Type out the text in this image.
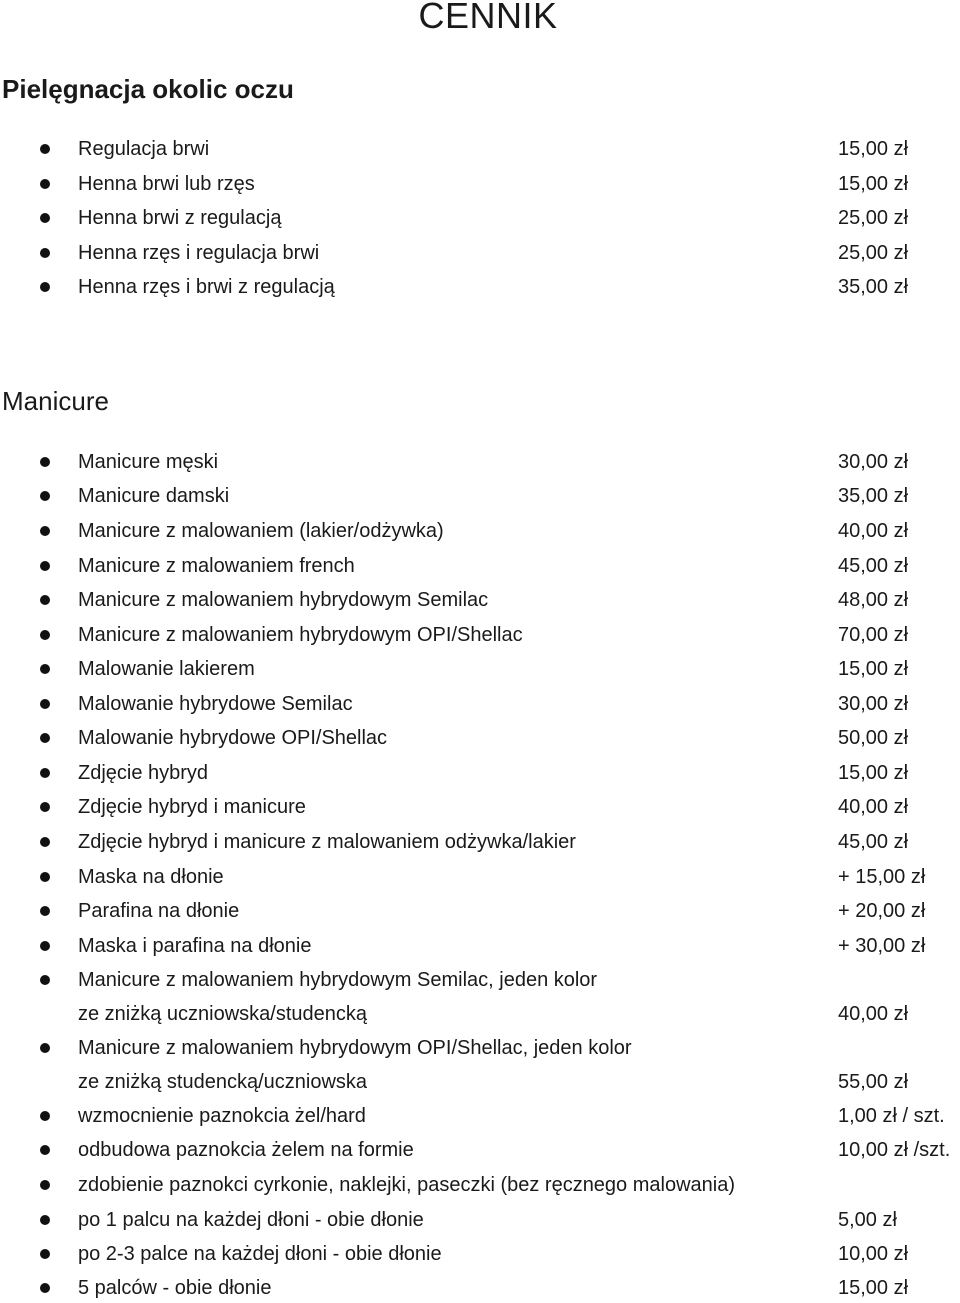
CENNIK
Pielęgnacja okolic oczu
Regulacja brwi	15,00 zł
Henna brwi lub rzęs	15,00 zł
Henna brwi z regulacją	25,00 zł
Henna rzęs i regulacja brwi	25,00 zł
Henna rzęs i brwi z regulacją	35,00 zł
Manicure
Manicure męski	30,00 zł
Manicure damski	35,00 zł
Manicure z malowaniem (lakier/odżywka)	40,00 zł
Manicure z malowaniem french	45,00 zł
Manicure z malowaniem hybrydowym Semilac	48,00 zł
Manicure z malowaniem hybrydowym OPI/Shellac	70,00 zł
Malowanie lakierem	15,00 zł
Malowanie hybrydowe Semilac	30,00 zł
Malowanie hybrydowe OPI/Shellac	50,00 zł
Zdjęcie hybryd	15,00 zł
Zdjęcie hybryd i manicure	40,00 zł
Zdjęcie hybryd i manicure z malowaniem odżywka/lakier	45,00 zł
Maska na dłonie	+ 15,00 zł
Parafina na dłonie	+ 20,00 zł
Maska i parafina na dłonie	+ 30,00 zł
Manicure z malowaniem hybrydowym Semilac, jeden kolor
ze zniżką uczniowska/studencką	40,00 zł
Manicure z malowaniem hybrydowym OPI/Shellac, jeden kolor
ze zniżką studencką/uczniowska	55,00 zł
wzmocnienie paznokcia żel/hard	1,00 zł / szt.
odbudowa paznokcia żelem na formie	10,00 zł /szt.
zdobienie paznokci cyrkonie, naklejki, paseczki (bez ręcznego malowania)
po 1 palcu na każdej dłoni - obie dłonie	5,00 zł
po 2-3 palce na każdej dłoni - obie dłonie	10,00 zł
5 palców - obie dłonie	15,00 zł
